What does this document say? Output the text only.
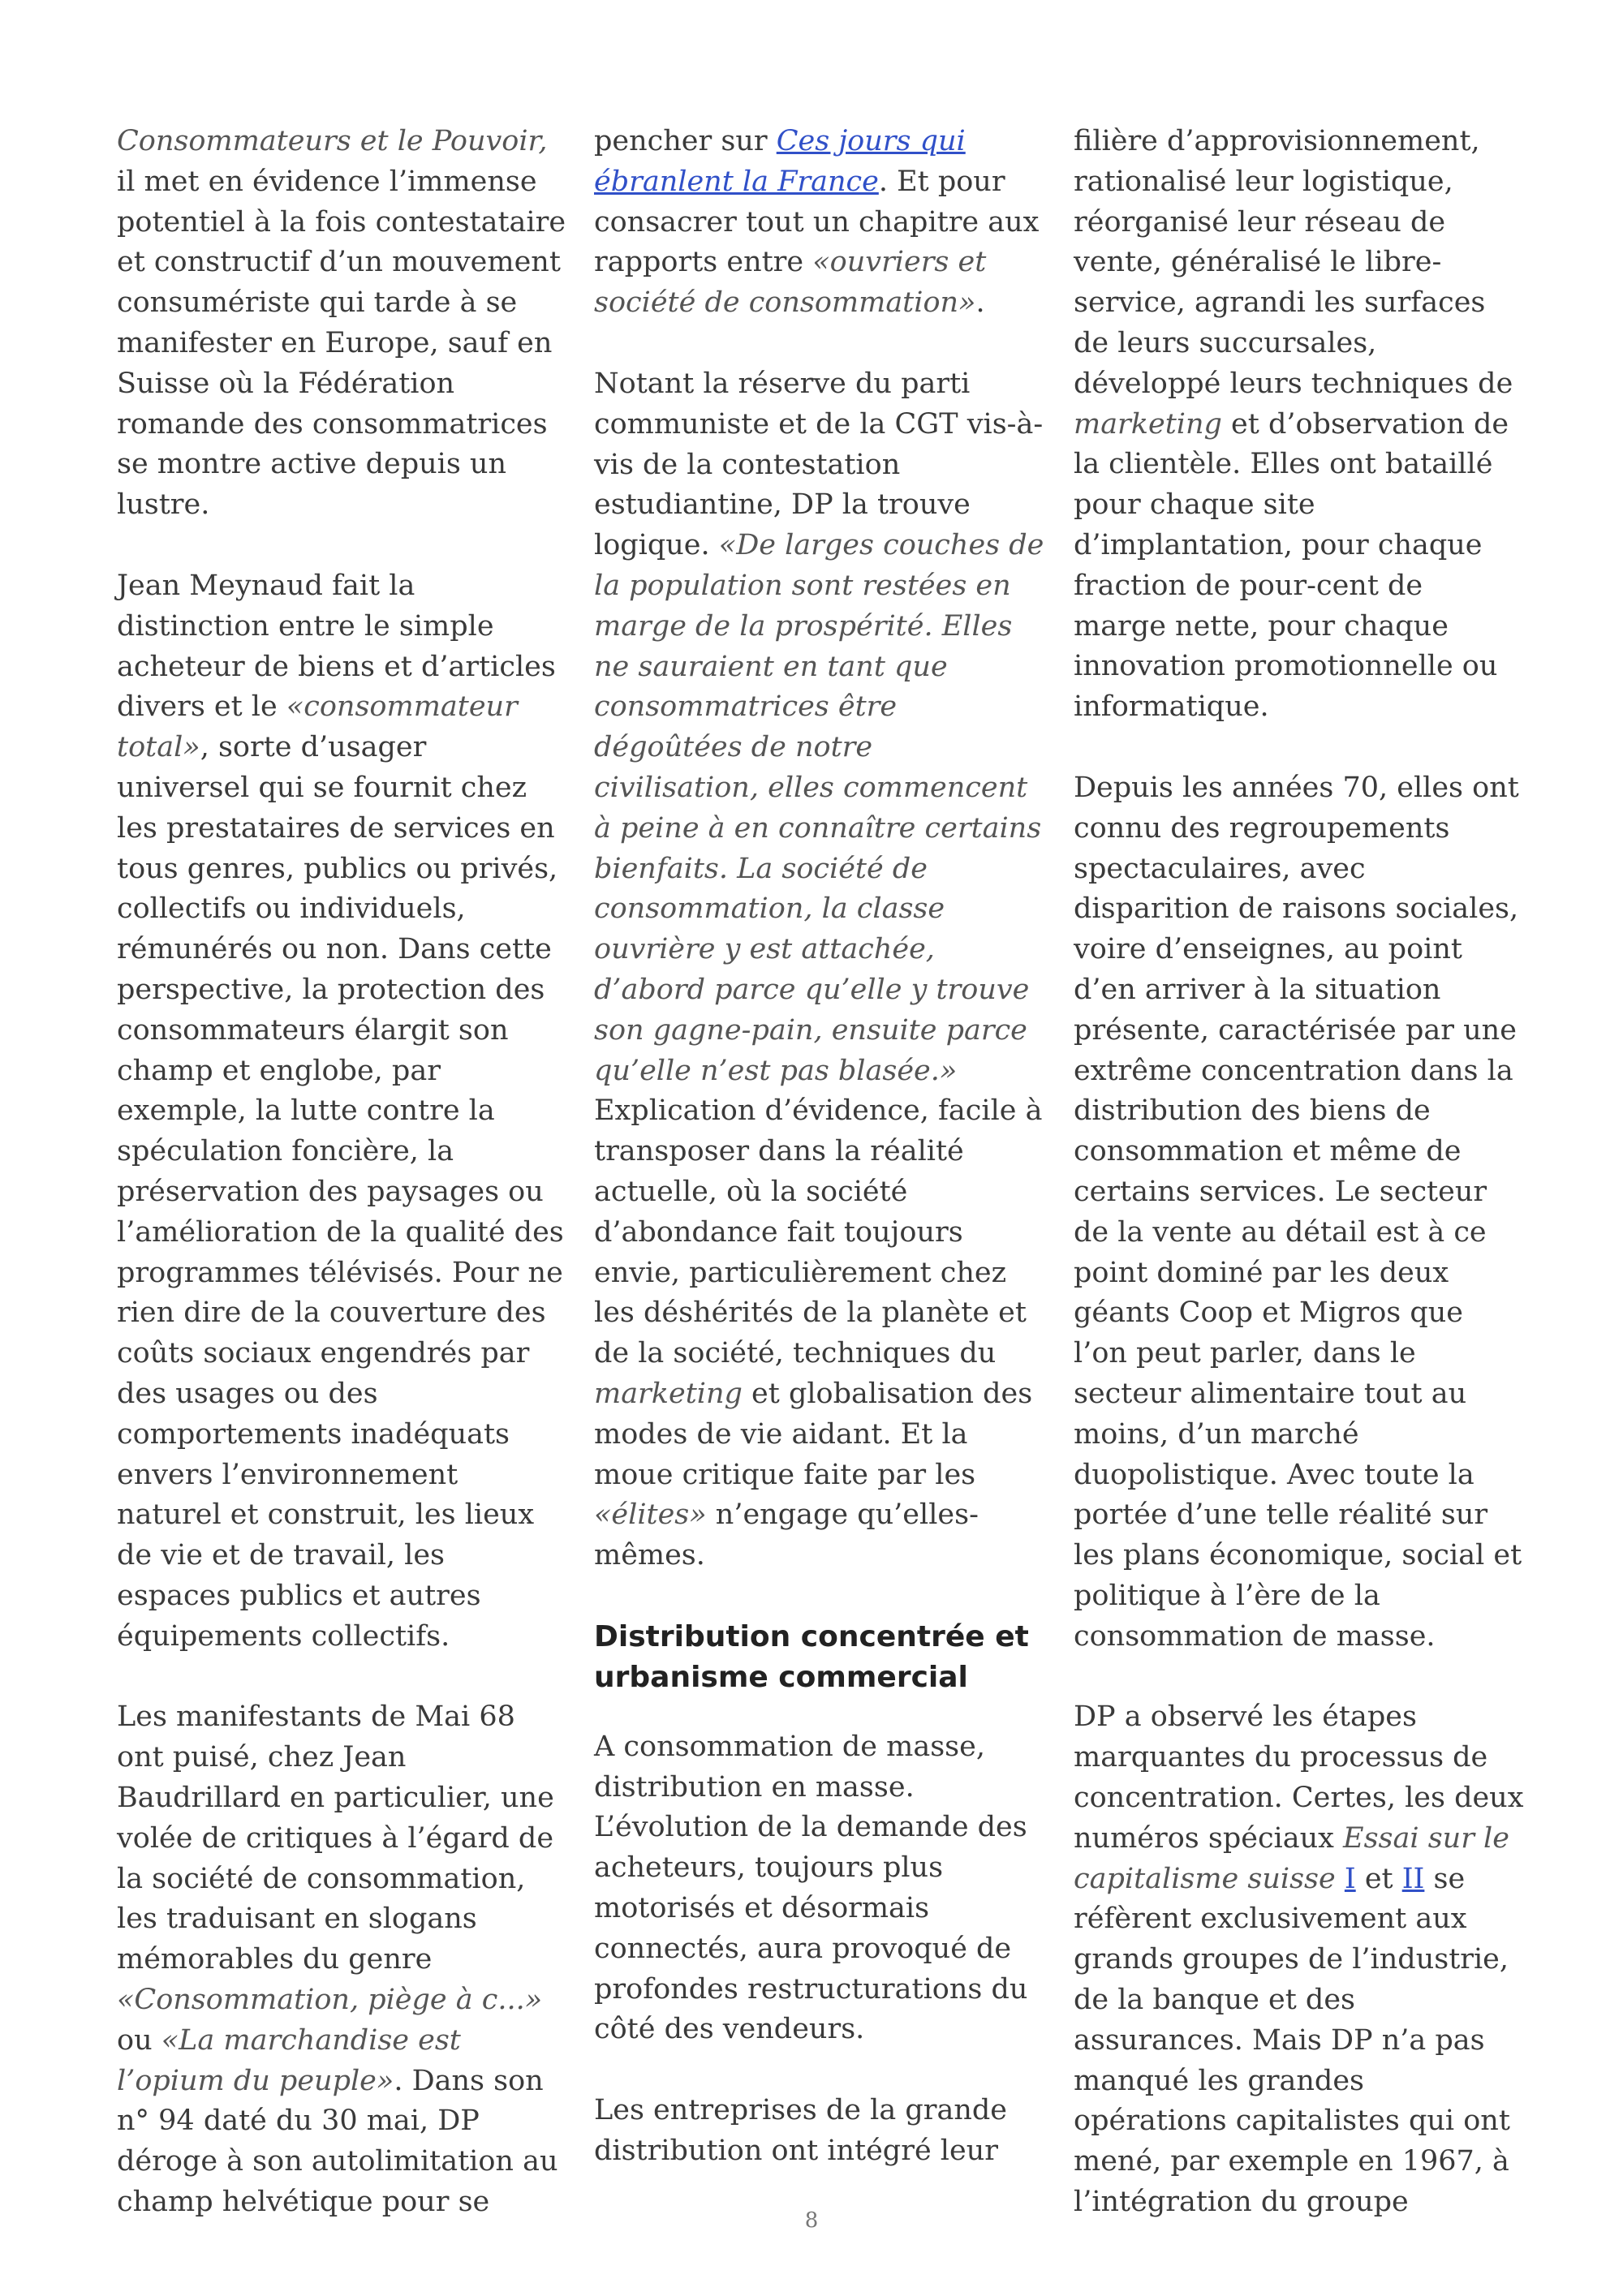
Consommateurs et le Pouvoir, il met en évidence l’immense potentiel à la fois contestataire et constructif d’un mouvement consumériste qui tarde à se manifester en Europe, sauf en Suisse où la Fédération romande des consommatrices se montre active depuis un lustre.

Jean Meynaud fait la distinction entre le simple acheteur de biens et d’articles divers et le «consommateur total», sorte d’usager universel qui se fournit chez les prestataires de services en tous genres, publics ou privés, collectifs ou individuels, rémunérés ou non. Dans cette perspective, la protection des consommateurs élargit son champ et englobe, par exemple, la lutte contre la spéculation foncière, la préservation des paysages ou l’amélioration de la qualité des programmes télévisés. Pour ne rien dire de la couverture des coûts sociaux engendrés par des usages ou des comportements inadéquats envers l’environnement naturel et construit, les lieux de vie et de travail, les espaces publics et autres équipements collectifs.

Les manifestants de Mai 68 ont puisé, chez Jean Baudrillard en particulier, une volée de critiques à l’égard de la société de consommation, les traduisant en slogans mémorables du genre «Consommation, piège à c...» ou «La marchandise est l’opium du peuple». Dans son n° 94 daté du 30 mai, DP déroge à son autolimitation au champ helvétique pour se

pencher sur Ces jours qui ébranlent la France. Et pour consacrer tout un chapitre aux rapports entre «ouvriers et société de consommation».

Notant la réserve du parti communiste et de la CGT vis-à-vis de la contestation estudiantine, DP la trouve logique. «De larges couches de la population sont restées en marge de la prospérité. Elles ne sauraient en tant que consommatrices être dégoûtées de notre civilisation, elles commencent à peine à en connaître certains bienfaits. La société de consommation, la classe ouvrière y est attachée, d’abord parce qu’elle y trouve son gagne-pain, ensuite parce qu’elle n’est pas blasée.» Explication d’évidence, facile à transposer dans la réalité actuelle, où la société d’abondance fait toujours envie, particulièrement chez les déshérités de la planète et de la société, techniques du marketing et globalisation des modes de vie aidant. Et la moue critique faite par les «élites» n’engage qu’elles-mêmes.

Distribution concentrée et urbanisme commercial

A consommation de masse, distribution en masse. L’évolution de la demande des acheteurs, toujours plus motorisés et désormais connectés, aura provoqué de profondes restructurations du côté des vendeurs.

Les entreprises de la grande distribution ont intégré leur

filière d’approvisionnement, rationalisé leur logistique, réorganisé leur réseau de vente, généralisé le libre-service, agrandi les surfaces de leurs succursales, développé leurs techniques de marketing et d’observation de la clientèle. Elles ont bataillé pour chaque site d’implantation, pour chaque fraction de pour-cent de marge nette, pour chaque innovation promotionnelle ou informatique.

Depuis les années 70, elles ont connu des regroupements spectaculaires, avec disparition de raisons sociales, voire d’enseignes, au point d’en arriver à la situation présente, caractérisée par une extrême concentration dans la distribution des biens de consommation et même de certains services. Le secteur de la vente au détail est à ce point dominé par les deux géants Coop et Migros que l’on peut parler, dans le secteur alimentaire tout au moins, d’un marché duopolistique. Avec toute la portée d’une telle réalité sur les plans économique, social et politique à l’ère de la consommation de masse.

DP a observé les étapes marquantes du processus de concentration. Certes, les deux numéros spéciaux Essai sur le capitalisme suisse I et II se réfèrent exclusivement aux grands groupes de l’industrie, de la banque et des assurances. Mais DP n’a pas manqué les grandes opérations capitalistes qui ont mené, par exemple en 1967, à l’intégration du groupe

8
